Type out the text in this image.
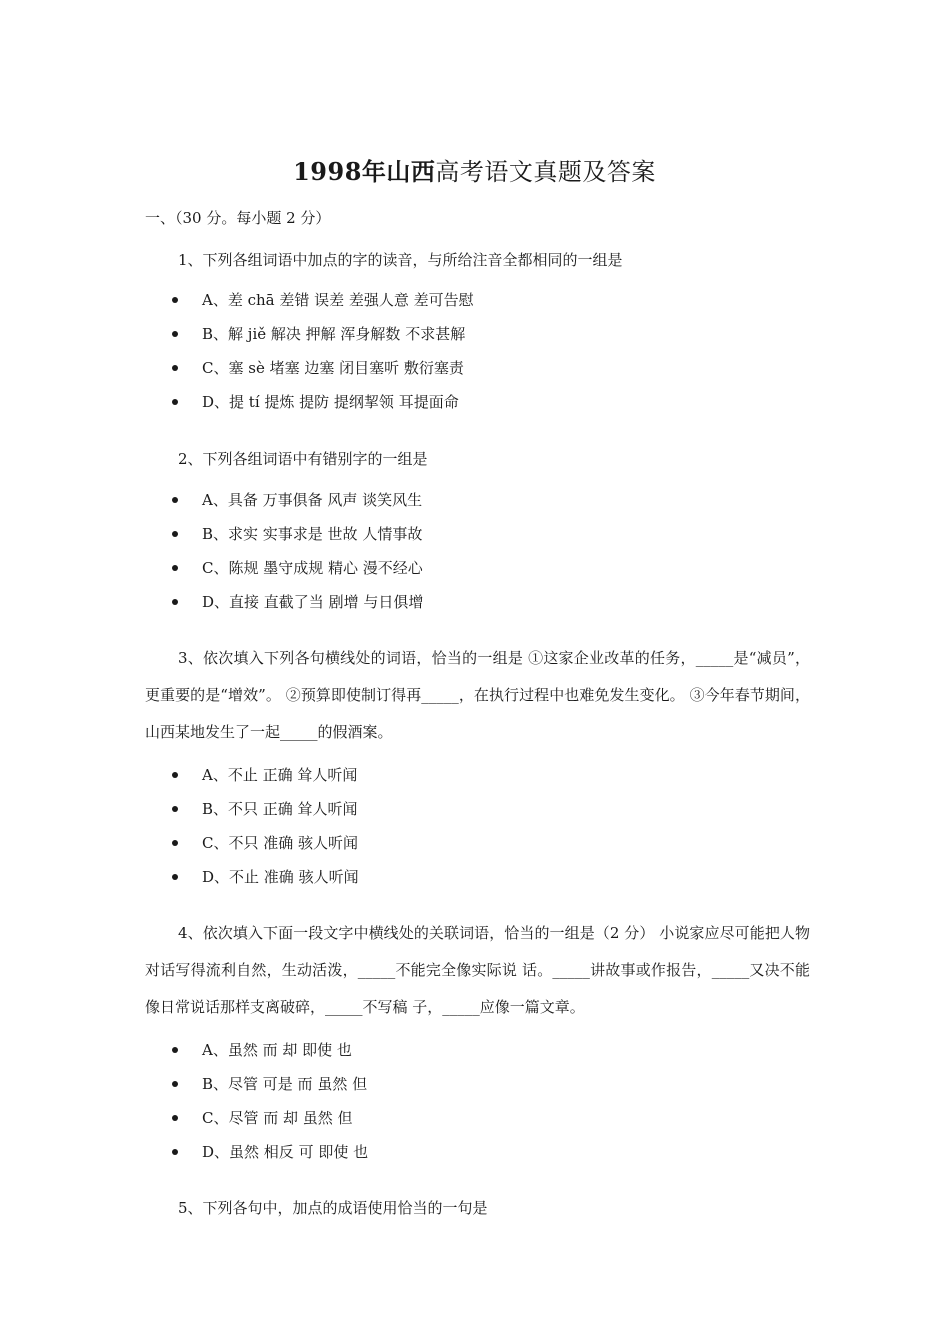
1998年山西高考语文真题及答案
一、（30 分。每小题 2 分）
1、下列各组词语中加点的字的读音，与所给注音全都相同的一组是
A、差 chā 差错 误差 差强人意 差可告慰
B、解 jiě 解决 押解 浑身解数 不求甚解
C、塞 sè 堵塞 边塞 闭目塞听 敷衍塞责
D、提 tí 提炼 提防 提纲挈领 耳提面命
2、下列各组词语中有错别字的一组是
A、具备 万事俱备 风声 谈笑风生
B、求实 实事求是 世故 人情事故
C、陈规 墨守成规 精心 漫不经心
D、直接 直截了当 剧增 与日俱增

3、依次填入下列各句横线处的词语，恰当的一组是 ①这家企业改革的任务，_____是“减员”，更重要的是“增效”。 ②预算即使制订得再_____，在执行过程中也难免发生变化。 ③今年春节期间，山西某地发生了一起_____的假酒案。

A、不止 正确 耸人听闻
B、不只 正确 耸人听闻
C、不只 准确 骇人听闻
D、不止 准确 骇人听闻

4、依次填入下面一段文字中横线处的关联词语，恰当的一组是（2 分） 小说家应尽可能把人物对话写得流利自然，生动活泼，_____不能完全像实际说 话。_____讲故事或作报告，_____又决不能像日常说话那样支离破碎，_____不写稿 子，_____应像一篇文章。

A、虽然 而 却 即使 也
B、尽管 可是 而 虽然 但
C、尽管 而 却 虽然 但
D、虽然 相反 可 即使 也
5、下列各句中，加点的成语使用恰当的一句是
